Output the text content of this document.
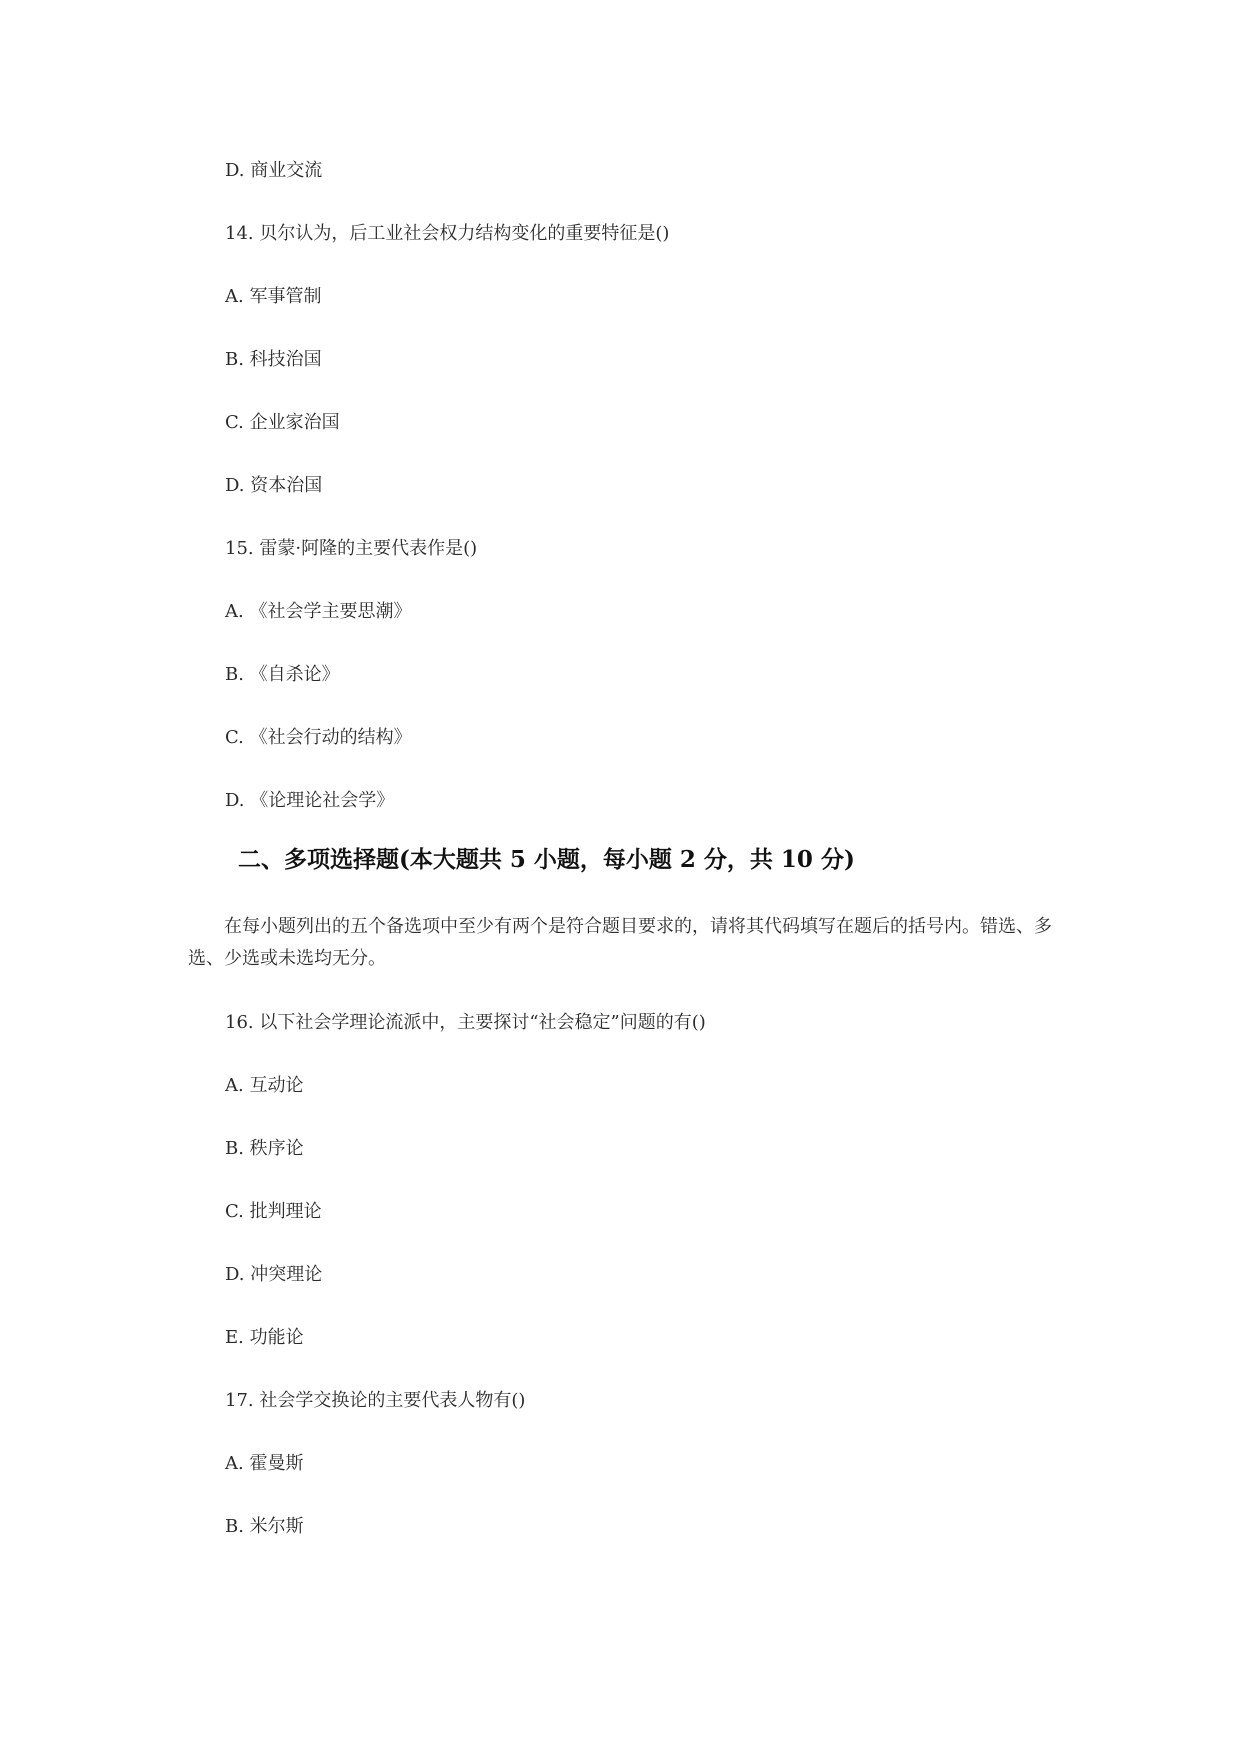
D. 商业交流
14. 贝尔认为，后工业社会权力结构变化的重要特征是()
A. 军事管制
B. 科技治国
C. 企业家治国
D. 资本治国
15. 雷蒙·阿隆的主要代表作是()
A. 《社会学主要思潮》
B. 《自杀论》
C. 《社会行动的结构》
D. 《论理论社会学》
二、多项选择题(本大题共 5 小题，每小题 2 分，共 10 分)
在每小题列出的五个备选项中至少有两个是符合题目要求的，请将其代码填写在题后的括号内。错选、多选、少选或未选均无分。
16. 以下社会学理论流派中，主要探讨“社会稳定”问题的有()
A. 互动论
B. 秩序论
C. 批判理论
D. 冲突理论
E. 功能论
17. 社会学交换论的主要代表人物有()
A. 霍曼斯
B. 米尔斯
